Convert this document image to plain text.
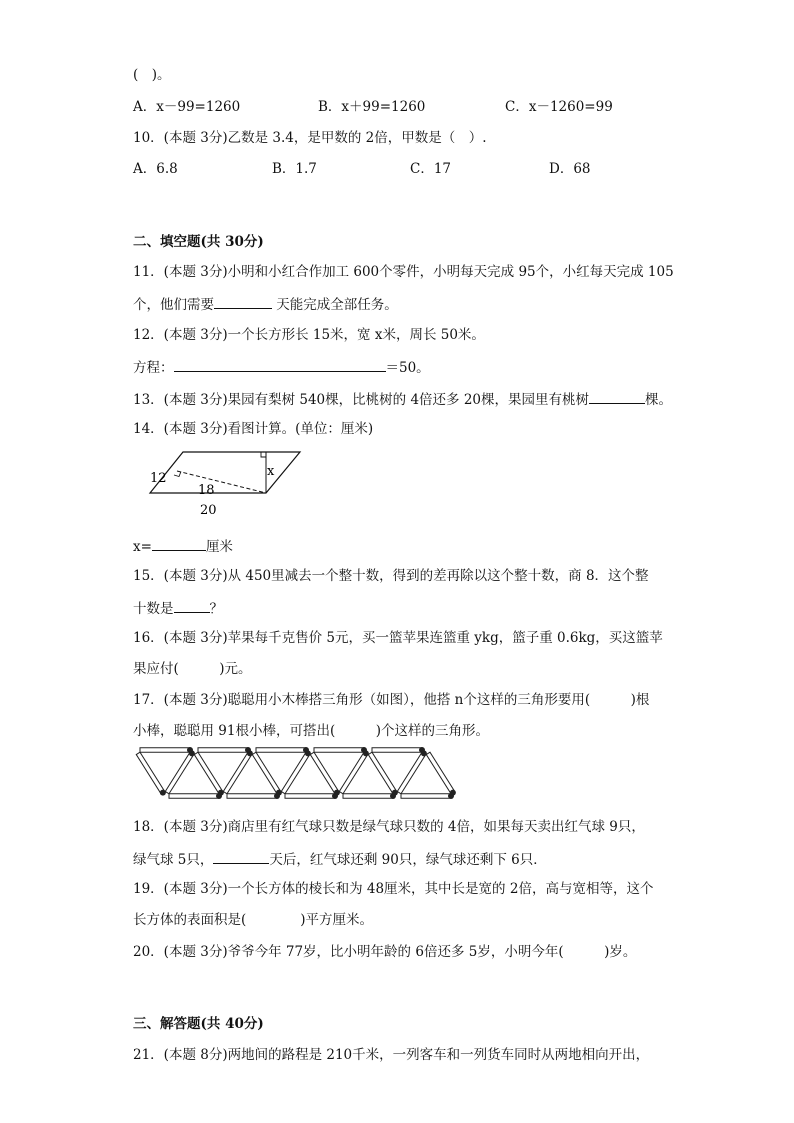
(　)。
A．x－99=1260	B．x＋99=1260	C．x－1260=99
10．(本题 3分)乙数是 3.4，是甲数的 2倍，甲数是（　）.
A．6.8	B．1.7	C．17	D．68
二、填空题(共 30分)
11．(本题 3分)小明和小红合作加工 600个零件，小明每天完成 95个，小红每天完成 105
个，他们需要	天能完成全部任务。
12．(本题 3分)一个长方形长 15米，宽 x米，周长 50米。
方程：	＝50。
13．(本题 3分)果园有梨树 540棵，比桃树的 4倍还多 20棵，果园里有桃树	棵。
14．(本题 3分)看图计算。(单位：厘米)
12
18
20
x
x=	厘米
15．(本题 3分)从 450里减去一个整十数，得到的差再除以这个整十数，商 8．这个整
十数是	？
16．(本题 3分)苹果每千克售价 5元，买一篮苹果连篮重 ykg，篮子重 0.6kg，买这篮苹
果应付(　　　)元。
17．(本题 3分)聪聪用小木棒搭三角形（如图），他搭 n个这样的三角形要用(　　　)根
小棒，聪聪用 91根小棒，可搭出(　　　)个这样的三角形。
18．(本题 3分)商店里有红气球只数是绿气球只数的 4倍，如果每天卖出红气球 9只，
绿气球 5只，	天后，红气球还剩 90只，绿气球还剩下 6只．
19．(本题 3分)一个长方体的棱长和为 48厘米，其中长是宽的 2倍，高与宽相等，这个
长方体的表面积是(　　　　)平方厘米。
20．(本题 3分)爷爷今年 77岁，比小明年龄的 6倍还多 5岁，小明今年(　　　)岁。
三、解答题(共 40分)
21．(本题 8分)两地间的路程是 210千米，一列客车和一列货车同时从两地相向开出，
